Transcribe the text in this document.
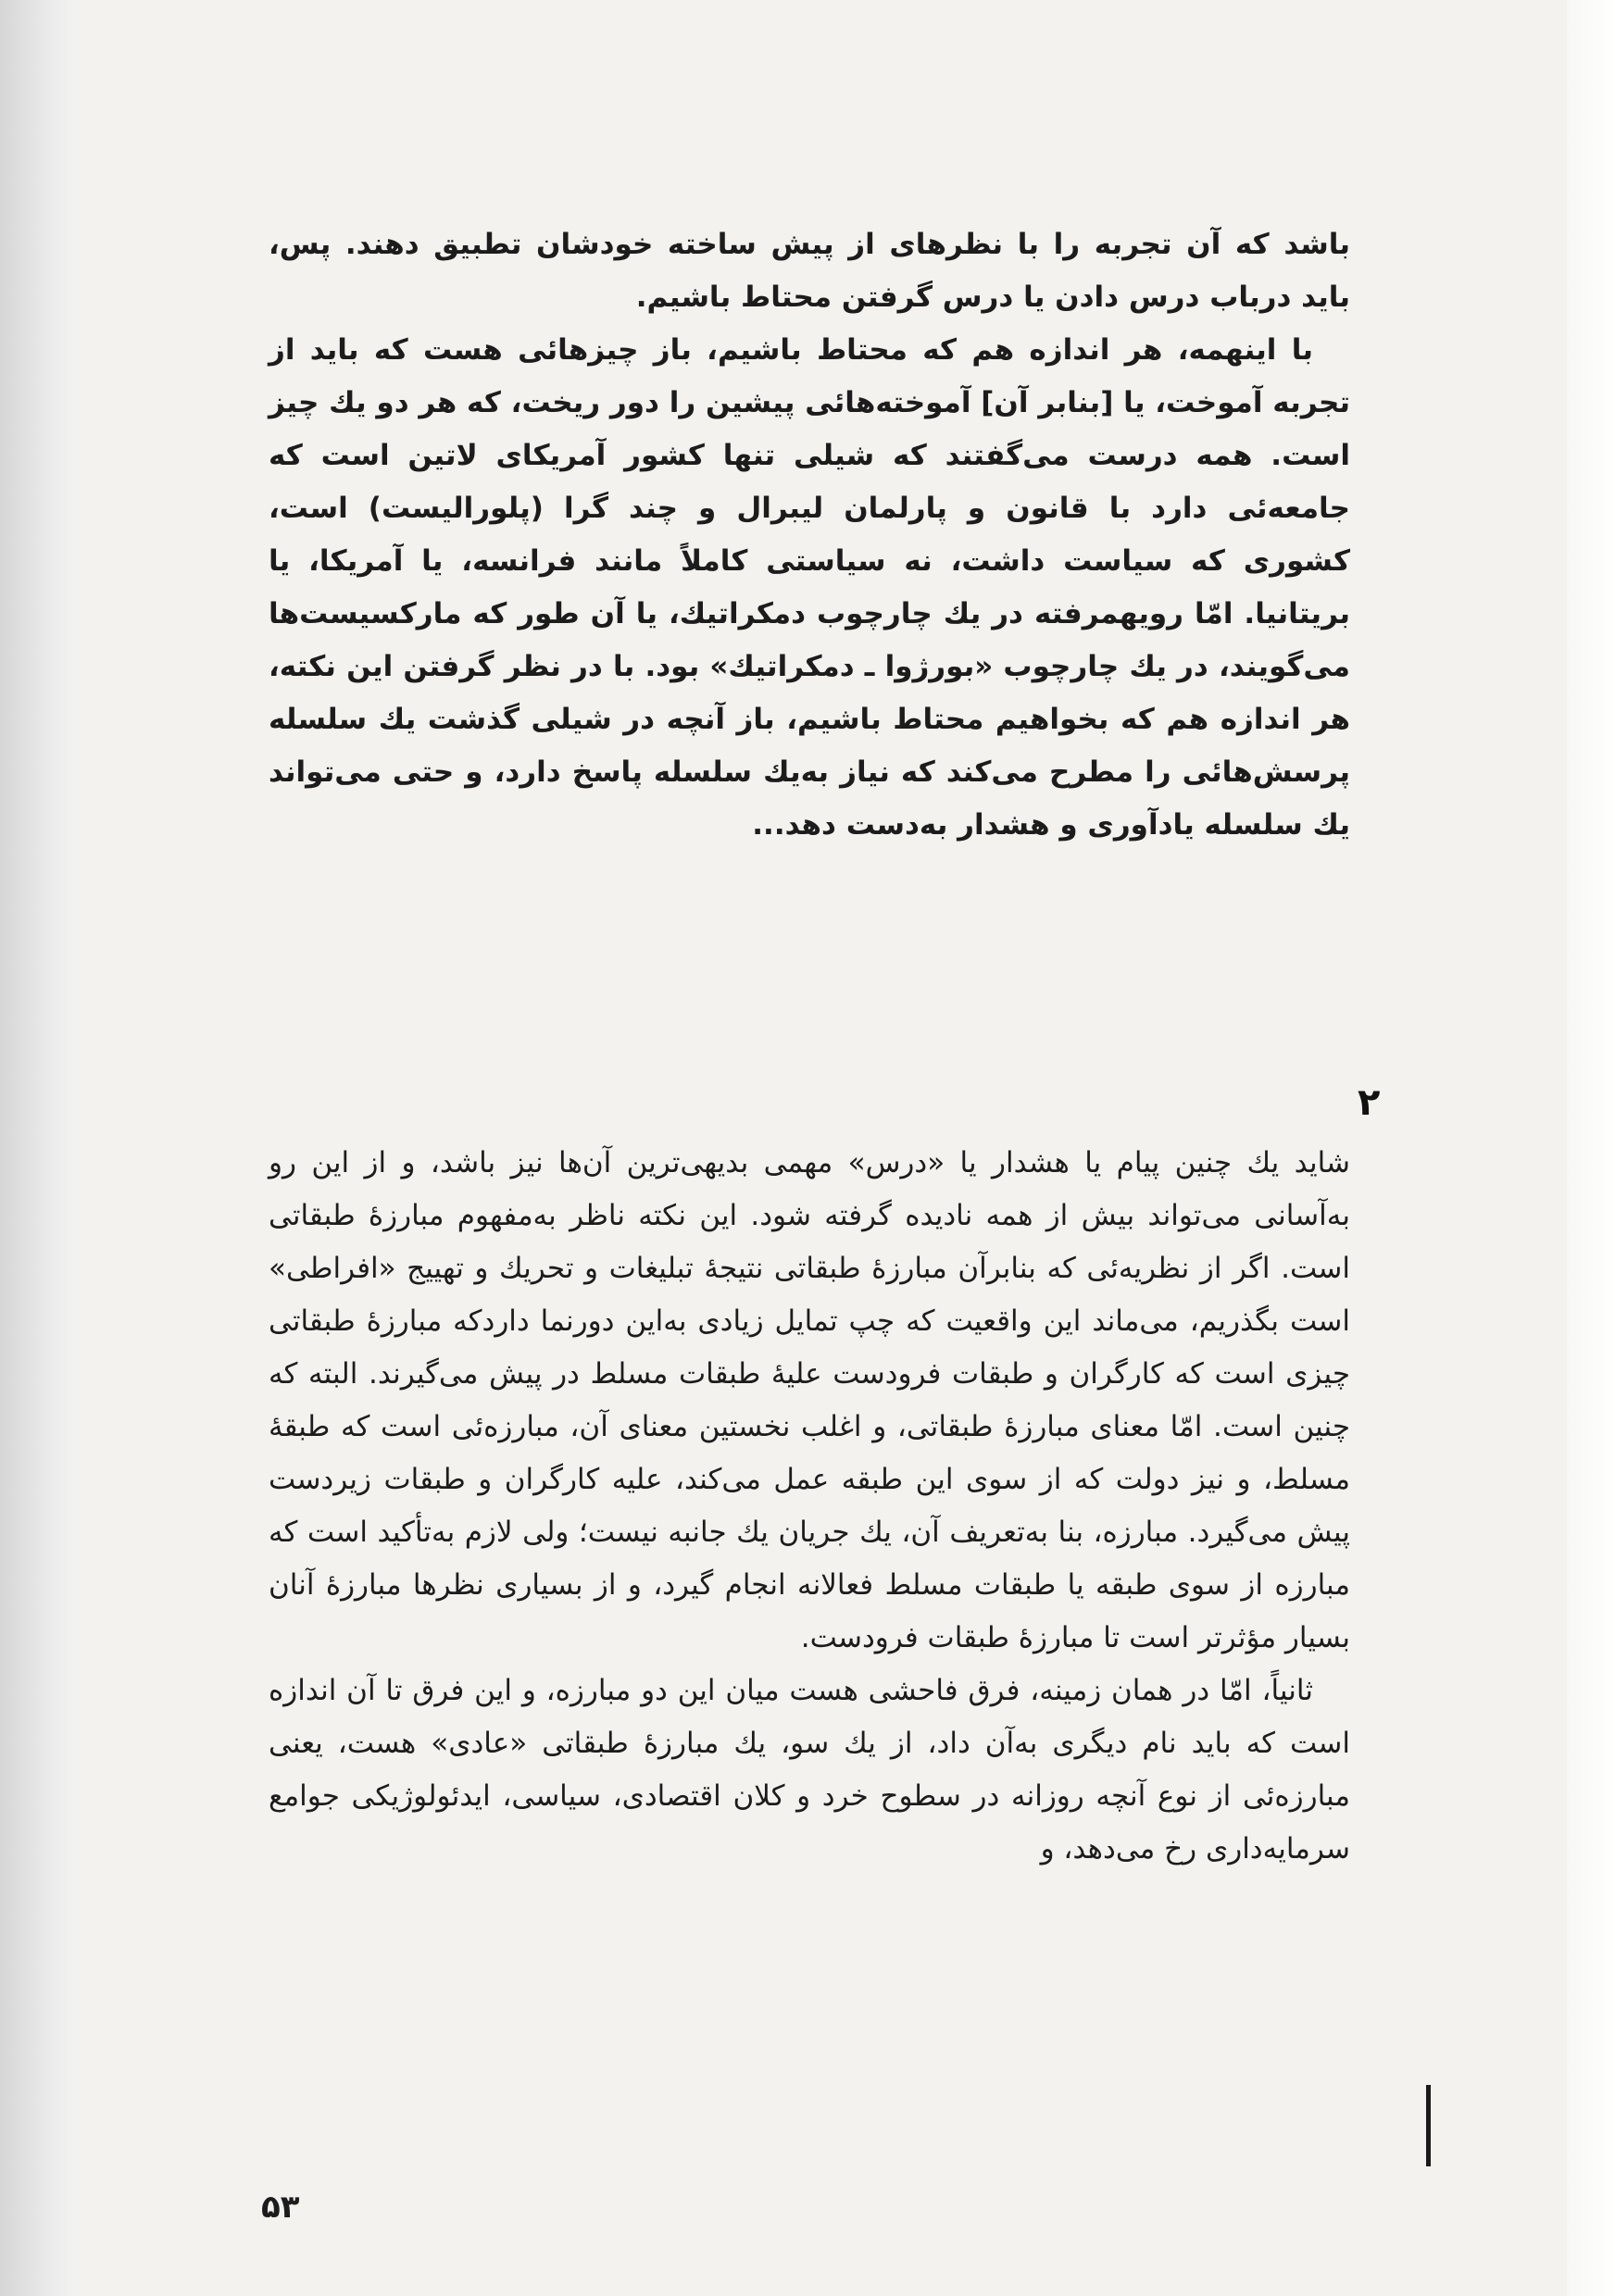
باشد که آن تجربه را با نظرهای از پیش ساخته خودشان تطبیق دهند. پس، باید درباب درس دادن یا درس گرفتن محتاط باشیم.

با اینهمه، هر اندازه هم که محتاط باشیم، باز چیزهائی هست که باید از تجربه آموخت، یا [بنابر آن] آموخته‌هائی پیشین را دور ریخت، که هر دو یك چیز است. همه درست می‌گفتند که شیلی تنها کشور آمریکای لاتین است که جامعه‌ئی دارد با قانون و پارلمان لیبرال و چند گرا (پلورالیست) است، کشوری که سیاست داشت، نه سیاستی کاملاً مانند فرانسه، یا آمریکا، یا بریتانیا. امّا رویهمرفته در یك چارچوب دمکراتیك، یا آن طور که مارکسیست‌ها می‌گویند، در یك چارچوب «بورژوا ـ دمکراتیك» بود. با در نظر گرفتن این نکته، هر اندازه هم که بخواهیم محتاط باشیم، باز آنچه در شیلی گذشت یك سلسله پرسش‌هائی را مطرح می‌کند که نیاز به‌یك سلسله پاسخ دارد، و حتی می‌تواند یك سلسله یادآوری و هشدار به‌دست دهد...

۲

شاید یك چنین پیام یا هشدار یا «درس» مهمی بدیهی‌ترین آن‌ها نیز باشد، و از این رو به‌آسانی می‌تواند بیش از همه نادیده گرفته شود. این نکته ناظر به‌مفهوم مبارزهٔ طبقاتی است. اگر از نظریه‌ئی که بنابرآن مبارزهٔ طبقاتی نتیجهٔ تبلیغات و تحریك و تهییج «افراطی» است بگذریم، می‌ماند این واقعیت که چپ تمایل زیادی به‌این دورنما داردکه مبارزهٔ طبقاتی چیزی است که کارگران و طبقات فرودست علیهٔ طبقات مسلط در پیش می‌گیرند. البته که چنین است. امّا معنای مبارزهٔ طبقاتی، و اغلب نخستین معنای آن، مبارزه‌ئی است که طبقهٔ مسلط، و نیز دولت که از سوی این طبقه عمل می‌کند، علیه کارگران و طبقات زیردست پیش می‌گیرد. مبارزه، بنا به‌تعریف آن، یك جریان یك جانبه نیست؛ ولی لازم به‌تأکید است که مبارزه از سوی طبقه یا طبقات مسلط فعالانه انجام گیرد، و از بسیاری نظرها مبارزهٔ آنان بسیار مؤثرتر است تا مبارزهٔ طبقات فرودست.

ثانیاً، امّا در همان زمینه، فرق فاحشی هست میان این دو مبارزه، و این فرق تا آن اندازه است که باید نام دیگری به‌آن داد، از یك سو، یك مبارزهٔ طبقاتی «عادی» هست، یعنی مبارزه‌ئی از نوع آنچه روزانه در سطوح خرد و کلان اقتصادی، سیاسی، ایدئولوژیکی جوامع سرمایه‌داری رخ می‌دهد، و

۵۳
